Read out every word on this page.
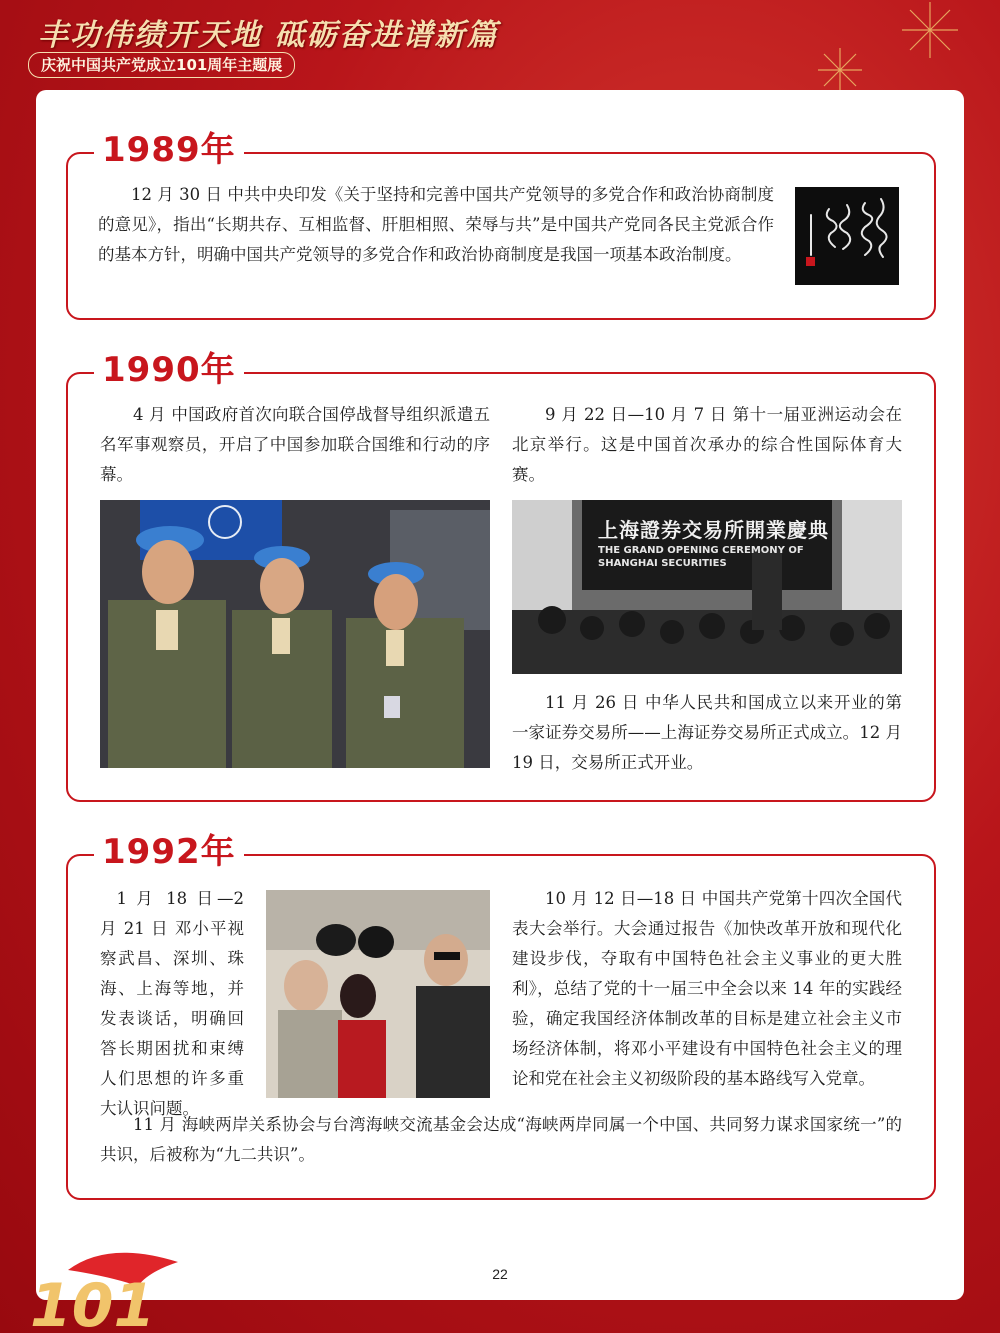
丰功伟绩开天地 砥砺奋进谱新篇
庆祝中国共产党成立101周年主题展
1989年

12 月 30 日 中共中央印发《关于坚持和完善中国共产党领导的多党合作和政治协商制度的意见》，指出“长期共存、互相监督、肝胆相照、荣辱与共”是中国共产党同各民主党派合作的基本方针，明确中国共产党领导的多党合作和政治协商制度是我国一项基本政治制度。

1990年

4 月 中国政府首次向联合国停战督导组织派遣五名军事观察员，开启了中国参加联合国维和行动的序幕。

9 月 22 日—10 月 7 日 第十一届亚洲运动会在北京举行。这是中国首次承办的综合性国际体育大赛。

上海證券交易所開業慶典
THE GRAND OPENING CEREMONY OF SHANGHAI SECURITIES

11 月 26 日 中华人民共和国成立以来开业的第一家证券交易所——上海证券交易所正式成立。12 月 19 日，交易所正式开业。

1992年

1 月 18 日—2 月 21 日 邓小平视察武昌、深圳、珠海、上海等地，并发表谈话，明确回答长期困扰和束缚人们思想的许多重大认识问题。

10 月 12 日—18 日 中国共产党第十四次全国代表大会举行。大会通过报告《加快改革开放和现代化建设步伐，夺取有中国特色社会主义事业的更大胜利》，总结了党的十一届三中全会以来 14 年的实践经验，确定我国经济体制改革的目标是建立社会主义市场经济体制，将邓小平建设有中国特色社会主义的理论和党在社会主义初级阶段的基本路线写入党章。

11 月 海峡两岸关系协会与台湾海峡交流基金会达成“海峡两岸同属一个中国、共同努力谋求国家统一”的共识，后被称为“九二共识”。

22
101
